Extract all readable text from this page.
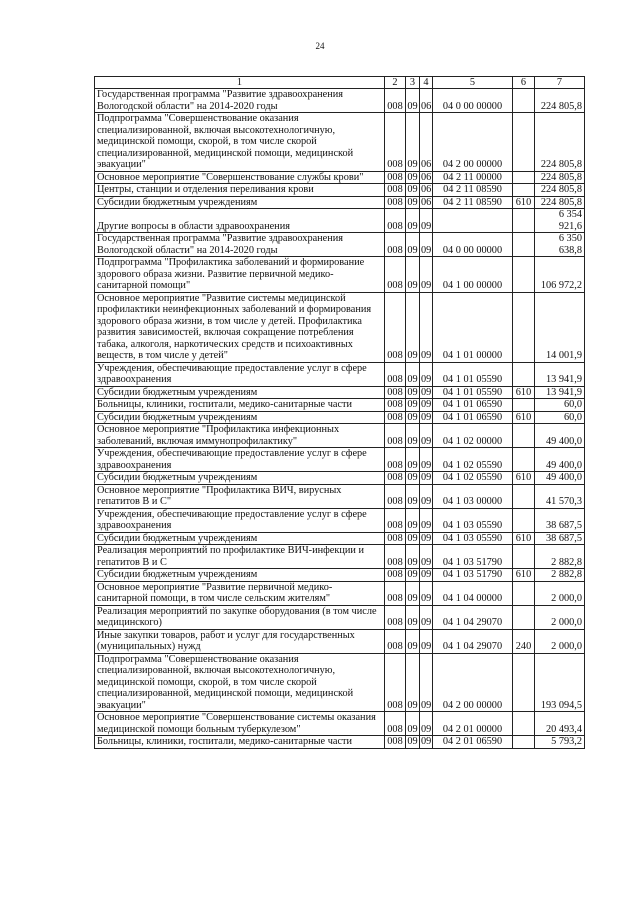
24
1	2	3	4	5	6	7
Государственная программа "Развитие здравоохранения Вологодской области" на 2014-2020 годы	008	09	06	04 0 00 00000		224 805,8
Подпрограмма "Совершенствование оказания специализированной, включая высокотехнологичную, медицинской помощи, скорой, в том числе скорой специализированной, медицинской помощи, медицинской эвакуации"	008	09	06	04 2 00 00000		224 805,8
Основное мероприятие "Совершенствование службы крови"	008	09	06	04 2 11 00000		224 805,8
Центры, станции и отделения переливания крови	008	09	06	04 2 11 08590		224 805,8
Субсидии бюджетным учреждениям	008	09	06	04 2 11 08590	610	224 805,8
Другие вопросы в области здравоохранения	008	09	09			6 354 921,6
Государственная программа "Развитие здравоохранения Вологодской области" на 2014-2020 годы	008	09	09	04 0 00 00000		6 350 638,8
Подпрограмма "Профилактика заболеваний и формирование здорового образа жизни. Развитие первичной медико-санитарной помощи"	008	09	09	04 1 00 00000		106 972,2
Основное мероприятие "Развитие системы медицинской профилактики неинфекционных заболеваний и формирования здорового образа жизни, в том числе у детей. Профилактика развития зависимостей, включая сокращение потребления табака, алкоголя, наркотических средств и психоактивных веществ, в том числе у детей"	008	09	09	04 1 01 00000		14 001,9
Учреждения, обеспечивающие предоставление услуг в сфере здравоохранения	008	09	09	04 1 01 05590		13 941,9
Субсидии бюджетным учреждениям	008	09	09	04 1 01 05590	610	13 941,9
Больницы, клиники, госпитали, медико-санитарные части	008	09	09	04 1 01 06590		60,0
Субсидии бюджетным учреждениям	008	09	09	04 1 01 06590	610	60,0
Основное мероприятие "Профилактика инфекционных заболеваний, включая иммунопрофилактику"	008	09	09	04 1 02 00000		49 400,0
Учреждения, обеспечивающие предоставление услуг в сфере здравоохранения	008	09	09	04 1 02 05590		49 400,0
Субсидии бюджетным учреждениям	008	09	09	04 1 02 05590	610	49 400,0
Основное мероприятие "Профилактика ВИЧ, вирусных гепатитов В и С"	008	09	09	04 1 03 00000		41 570,3
Учреждения, обеспечивающие предоставление услуг в сфере здравоохранения	008	09	09	04 1 03 05590		38 687,5
Субсидии бюджетным учреждениям	008	09	09	04 1 03 05590	610	38 687,5
Реализация мероприятий по профилактике ВИЧ-инфекции и гепатитов В и С	008	09	09	04 1 03 51790		2 882,8
Субсидии бюджетным учреждениям	008	09	09	04 1 03 51790	610	2 882,8
Основное мероприятие "Развитие первичной медико-санитарной помощи, в том числе сельским жителям"	008	09	09	04 1 04 00000		2 000,0
Реализация мероприятий по закупке оборудования (в том числе медицинского)	008	09	09	04 1 04 29070		2 000,0
Иные закупки товаров, работ и услуг для государственных (муниципальных) нужд	008	09	09	04 1 04 29070	240	2 000,0
Подпрограмма "Совершенствование оказания специализированной, включая высокотехнологичную, медицинской помощи, скорой, в том числе скорой специализированной, медицинской помощи, медицинской эвакуации"	008	09	09	04 2 00 00000		193 094,5
Основное мероприятие "Совершенствование системы оказания медицинской помощи больным туберкулезом"	008	09	09	04 2 01 00000		20 493,4
Больницы, клиники, госпитали, медико-санитарные части	008	09	09	04 2 01 06590		5 793,2
